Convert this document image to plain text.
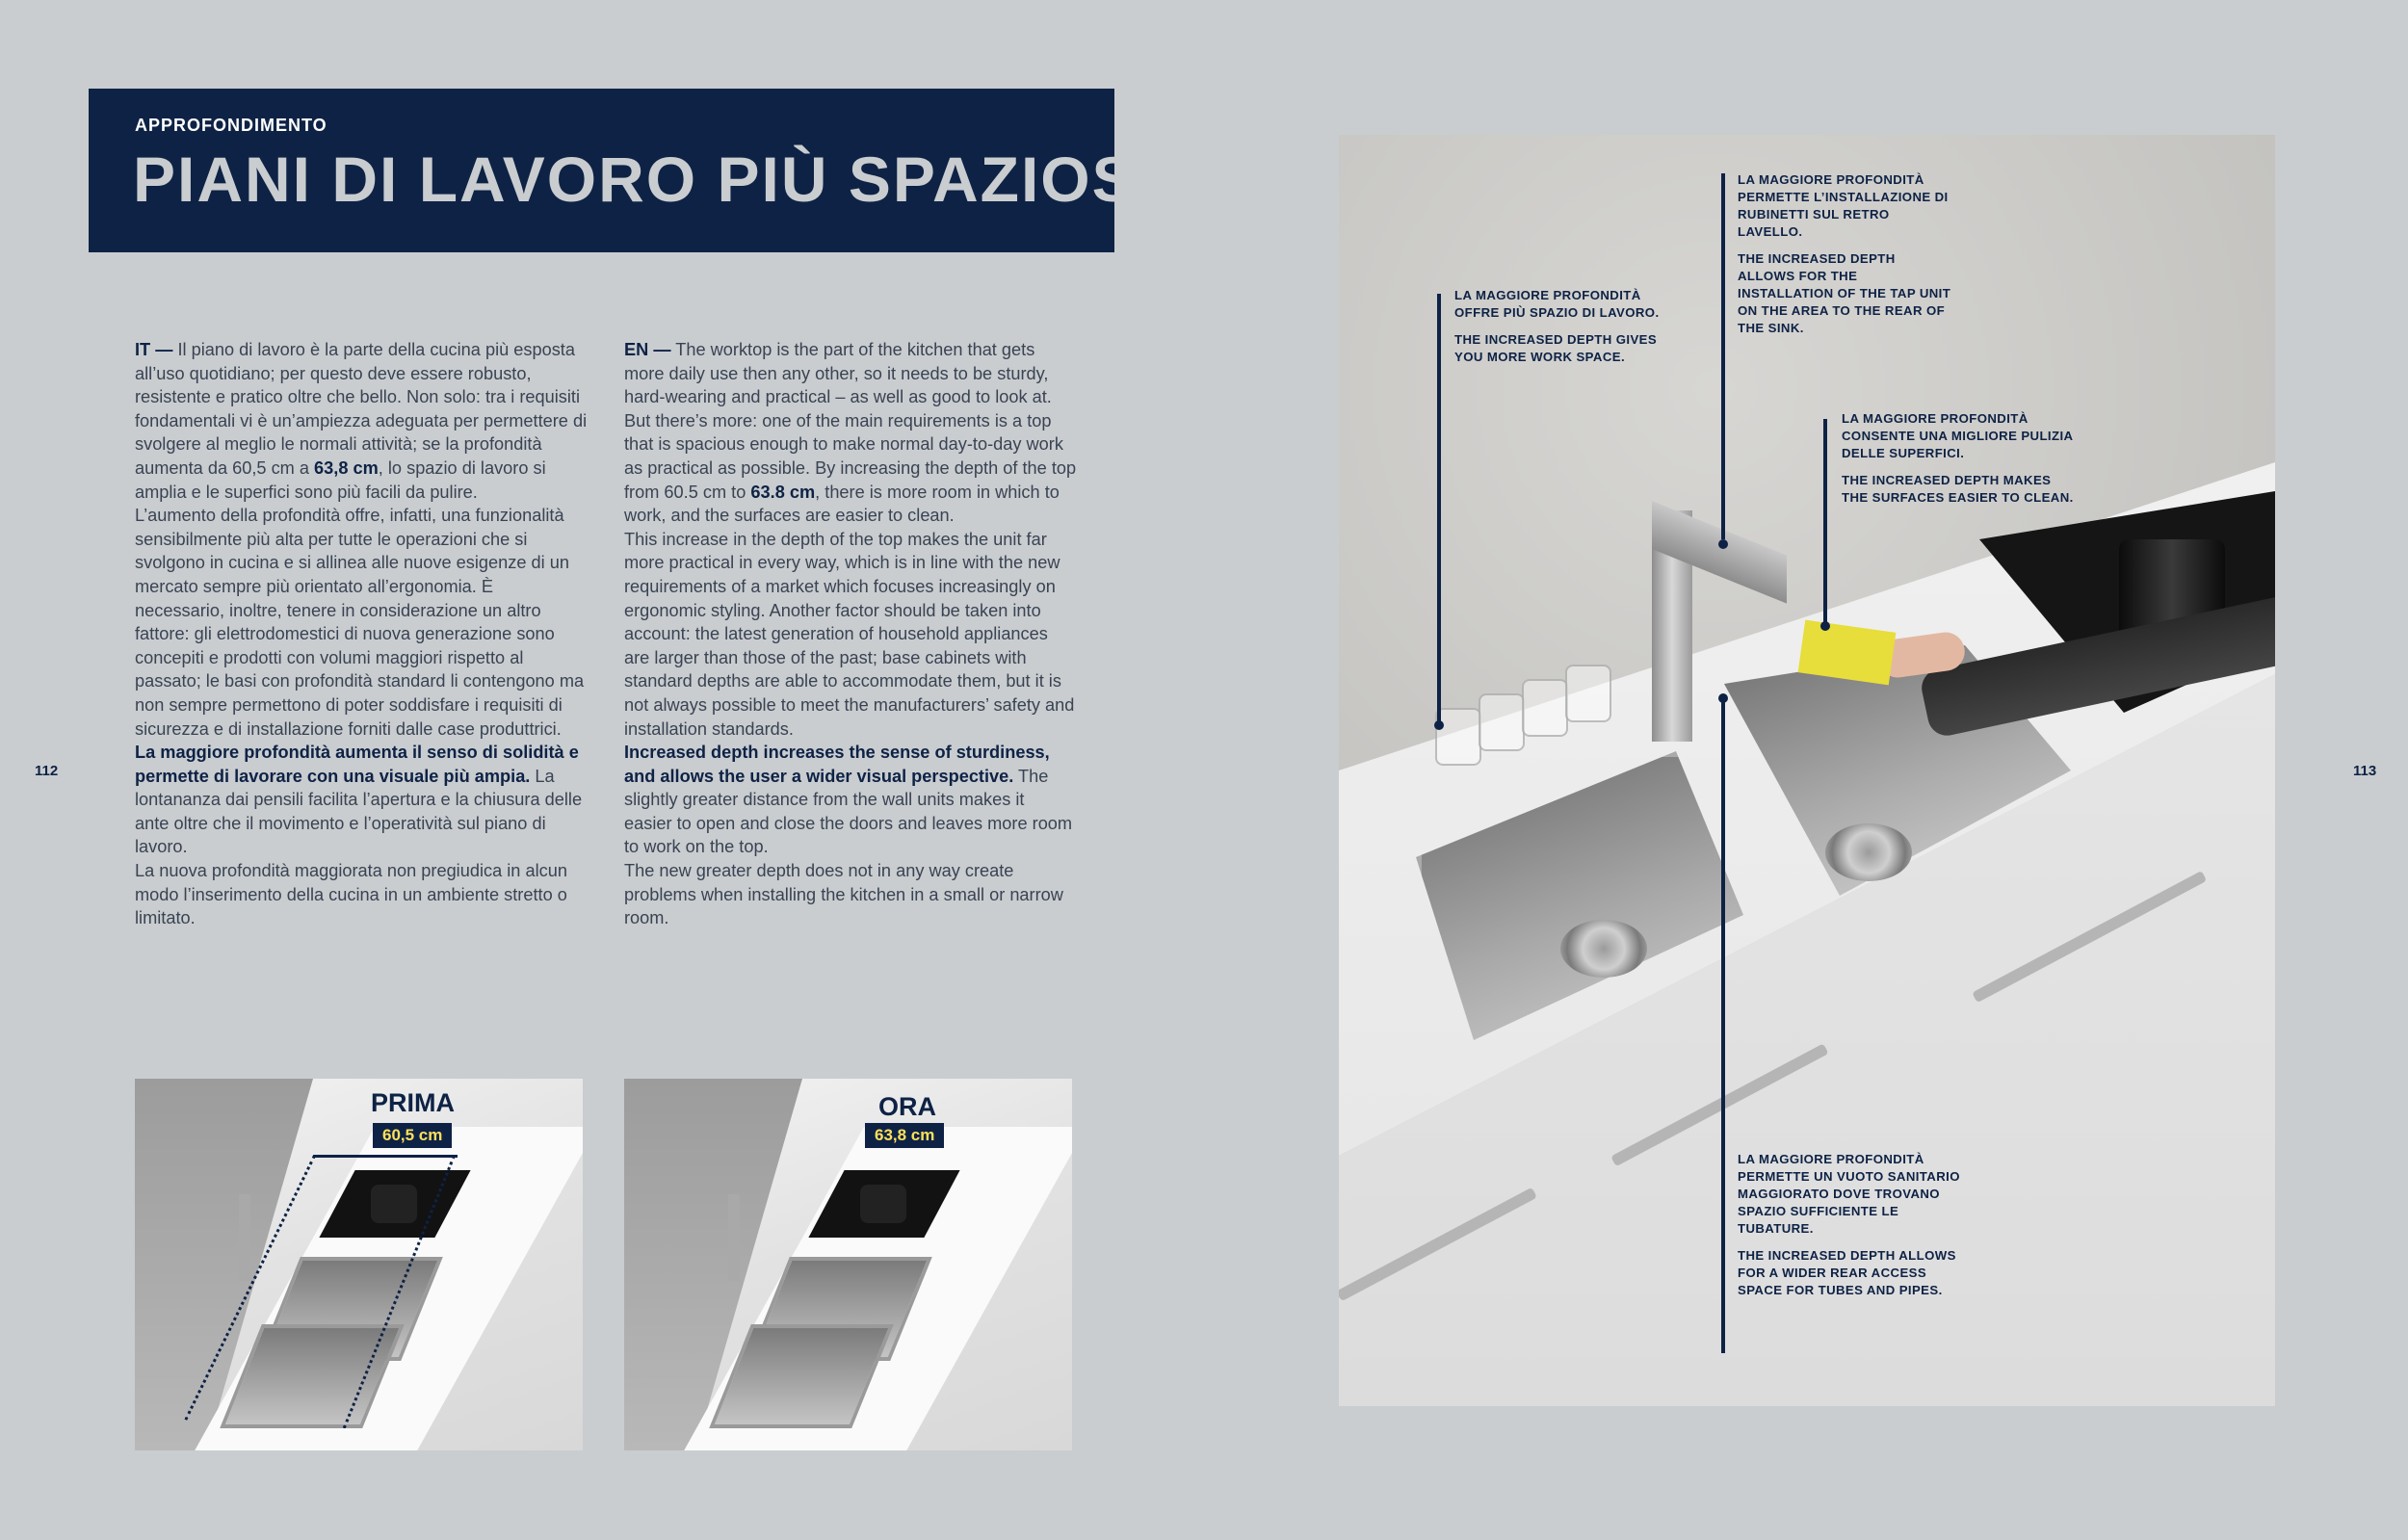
APPROFONDIMENTO
PIANI DI LAVORO PIÙ SPAZIOSI

IT — Il piano di lavoro è la parte della cucina più esposta all’uso quotidiano; per questo deve essere robusto, resistente e pratico oltre che bello. Non solo: tra i requisiti fondamentali vi è un’ampiezza adeguata per permettere di svolgere al meglio le normali attività; se la profondità aumenta da 60,5 cm a 63,8 cm, lo spazio di lavoro si amplia e le superfici sono più facili da pulire.

L’aumento della profondità offre, infatti, una funzionalità sensibilmente più alta per tutte le operazioni che si svolgono in cucina e si allinea alle nuove esigenze di un mercato sempre più orientato all’ergonomia. È necessario, inoltre, tenere in considerazione un altro fattore: gli elettrodomestici di nuova generazione sono concepiti e prodotti con volumi maggiori rispetto al passato; le basi con profondità standard li contengono ma non sempre permettono di poter soddisfare i requisiti di sicurezza e di installazione forniti dalle case produttrici.

La maggiore profondità aumenta il senso di solidità e permette di lavorare con una visuale più ampia. La lontananza dai pensili facilita l’apertura e la chiusura delle ante oltre che il movimento e l’operatività sul piano di lavoro.

La nuova profondità maggiorata non pregiudica in alcun modo l’inserimento della cucina in un ambiente stretto o limitato.

EN — The worktop is the part of the kitchen that gets more daily use then any other, so it needs to be sturdy, hard-wearing and practical – as well as good to look at. But there’s more: one of the main requirements is a top that is spacious enough to make normal day-to-day work as practical as possible. By increasing the depth of the top from 60.5 cm to 63.8 cm, there is more room in which to work, and the surfaces are easier to clean.

This increase in the depth of the top makes the unit far more practical in every way, which is in line with the new requirements of a market which focuses increasingly on ergonomic styling. Another factor should be taken into account: the latest generation of household appliances are larger than those of the past; base cabinets with standard depths are able to accommodate them, but it is not always possible to meet the manufacturers’ safety and installation standards.

Increased depth increases the sense of sturdiness, and allows the user a wider visual perspective. The slightly greater distance from the wall units makes it easier to open and close the doors and leaves more room to work on the top.

The new greater depth does not in any way create problems when installing the kitchen in a small or narrow room.

112	113
PRIMA
60,5 cm
ORA
63,8 cm

LA MAGGIORE PROFONDITÀ OFFRE PIÙ SPAZIO DI LAVORO.

THE INCREASED DEPTH GIVES YOU MORE WORK SPACE.

LA MAGGIORE PROFONDITÀ PERMETTE L’INSTALLAZIONE DI RUBINETTI SUL RETRO LAVELLO.

THE INCREASED DEPTH ALLOWS FOR THE INSTALLATION OF THE TAP UNIT ON THE AREA TO THE REAR OF THE SINK.

LA MAGGIORE PROFONDITÀ CONSENTE UNA MIGLIORE PULIZIA DELLE SUPERFICI.

THE INCREASED DEPTH MAKES THE SURFACES EASIER TO CLEAN.

LA MAGGIORE PROFONDITÀ PERMETTE UN VUOTO SANITARIO MAGGIORATO DOVE TROVANO SPAZIO SUFFICIENTE LE TUBATURE.

THE INCREASED DEPTH ALLOWS FOR A WIDER REAR ACCESS SPACE FOR TUBES AND PIPES.
